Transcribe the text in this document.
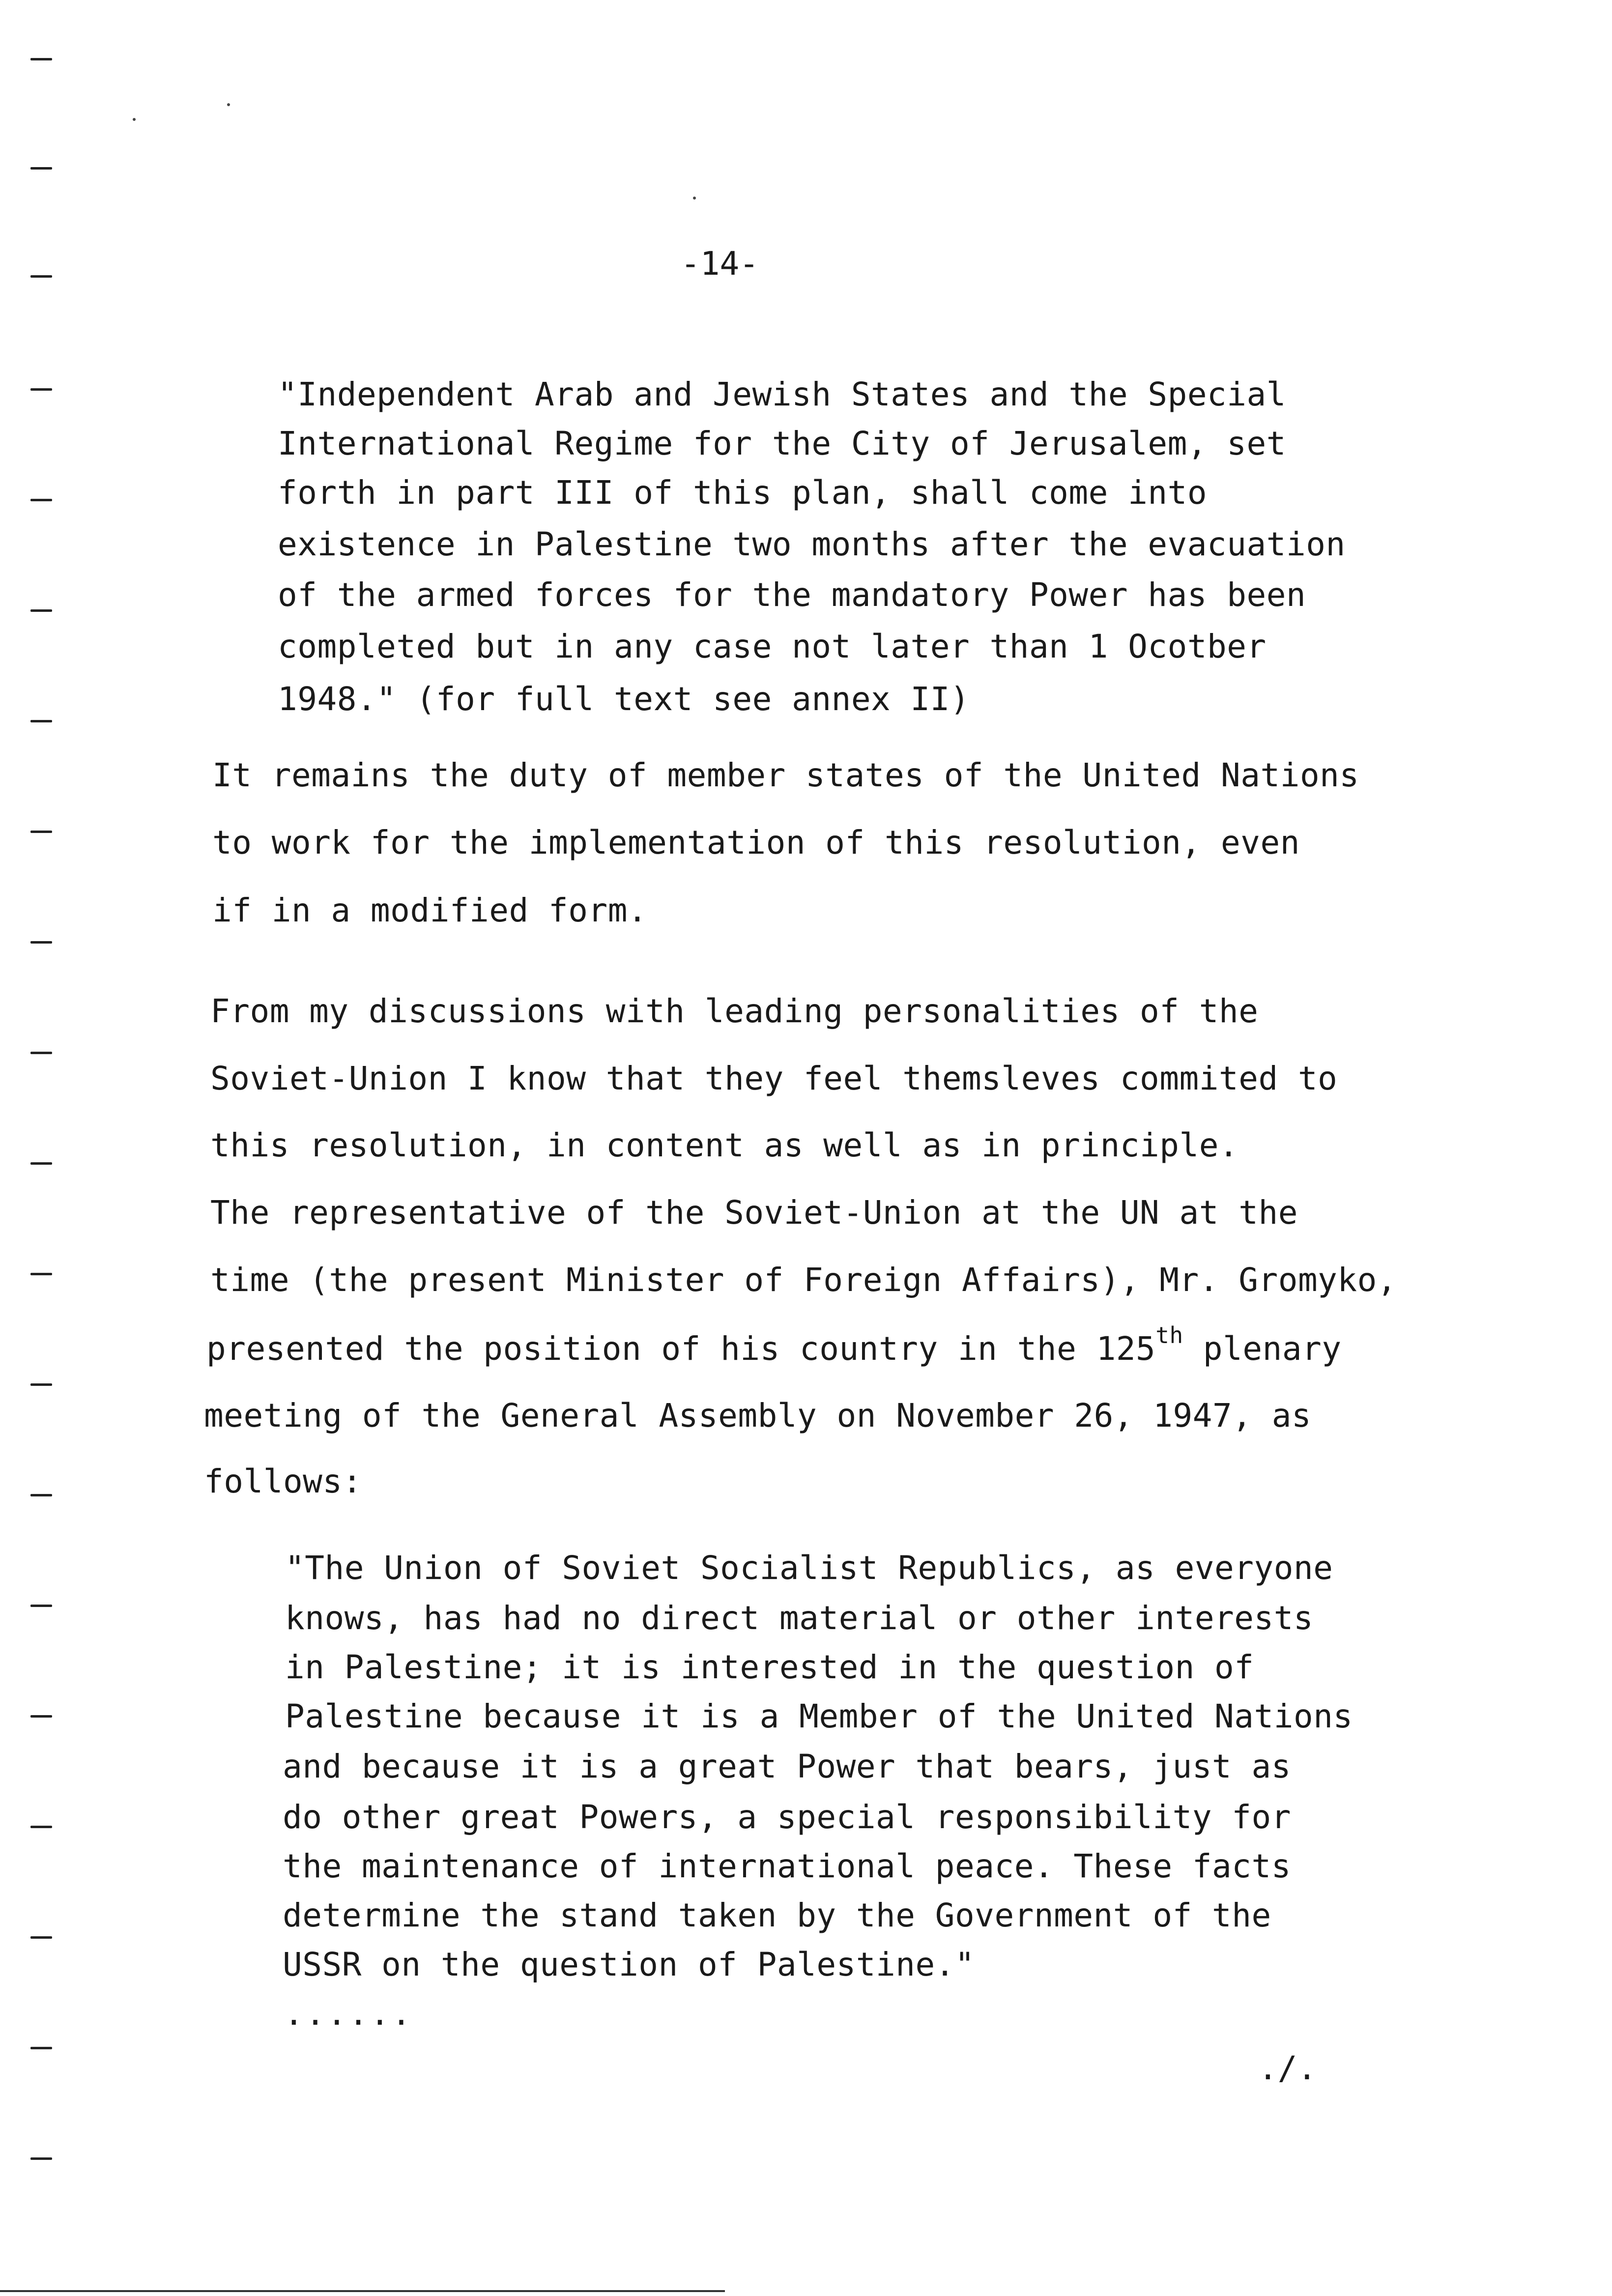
-14-
"Independent Arab and Jewish States and the Special
International Regime for the City of Jerusalem, set
forth in part III of this plan, shall come into
existence in Palestine two months after the evacuation
of the armed forces for the mandatory Power has been
completed but in any case not later than 1 Ocotber
1948." (for full text see annex II)
It remains the duty of member states of the United Nations
to work for the implementation of this resolution, even
if in a modified form.
From my discussions with leading personalities of the
Soviet-Union I know that they feel themsleves commited to
this resolution, in content as well as in principle.
The representative of the Soviet-Union at the UN at the
time (the present Minister of Foreign Affairs), Mr. Gromyko,
presented the position of his country in the 125th plenary
meeting of the General Assembly on November 26, 1947, as
follows:
"The Union of Soviet Socialist Republics, as everyone
knows, has had no direct material or other interests
in Palestine; it is interested in the question of
Palestine because it is a Member of the United Nations
and because it is a great Power that bears, just as
do other great Powers, a special responsibility for
the maintenance of international peace. These facts
determine the stand taken by the Government of the
USSR on the question of Palestine."
......
./.
